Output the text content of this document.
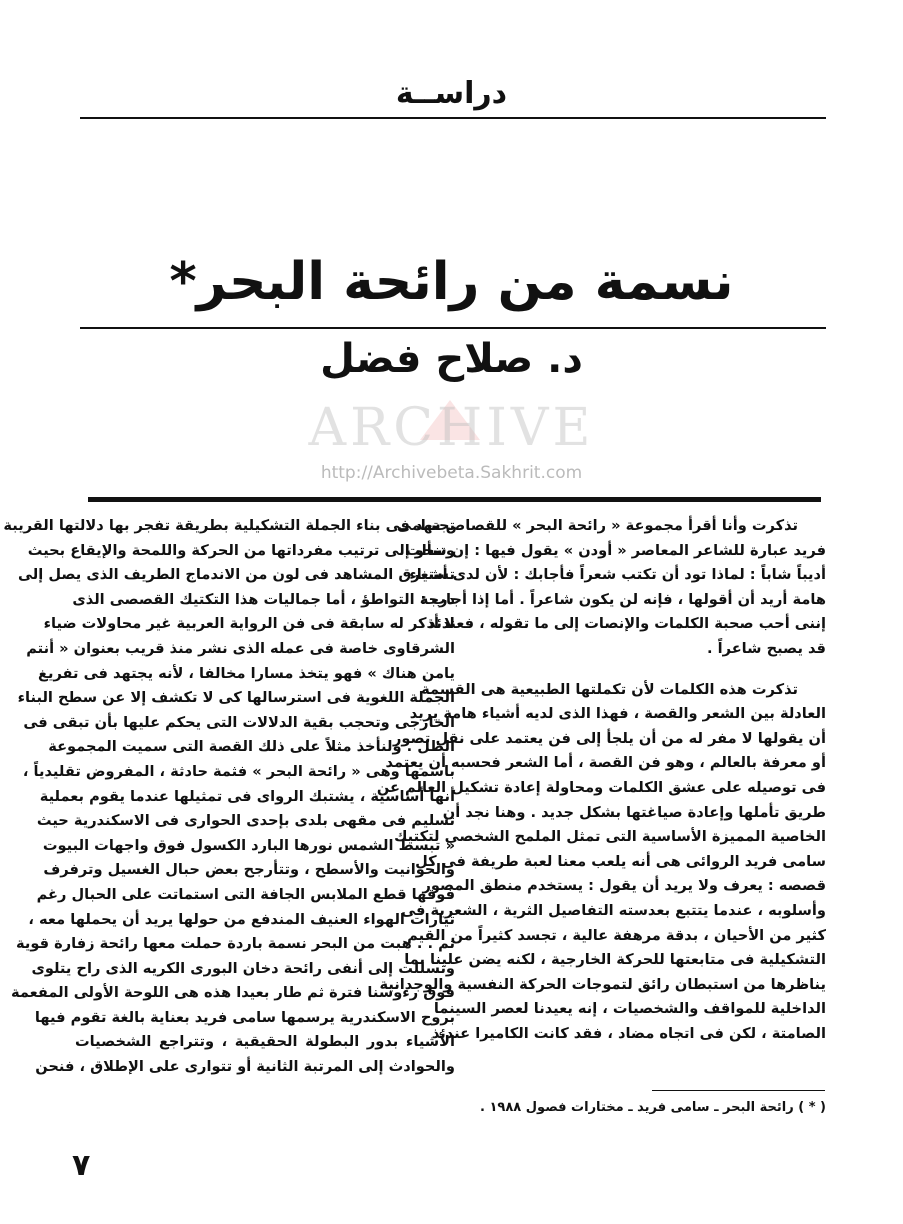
دراســة
نسمة من رائحة البحر*
د. صلاح فضل
ARCHIVE
http://Archivebeta.Sakhrit.com
تذكرت وأنا أقرأ مجموعة « رائحة البحر » للقصاص سامى
فريد عبارة للشاعر المعاصر « أودن » يقول فيها : إن سألت
أديباً شاباً : لماذا تود أن تكتب شعراً فأجابك : لأن لدى أشياء
هامة أريد أن أقولها ، فإنه لن يكون شاعراً . أما إذا أجاب :
إننى أحب صحبة الكلمات والإنصات إلى ما تقوله ، فعندئذ
قد يصبح شاعراً .
تذكرت هذه الكلمات لأن تكملتها الطبيعية هى القسمة
العادلة بين الشعر والقصة ، فهذا الذى لديه أشياء هامة يريد
أن يقولها لا مفر له من أن يلجأ إلى فن يعتمد على نقل تصور
أو معرفة بالعالم ، وهو فن القصة ، أما الشعر فحسبه أن يعتمد
فى توصيله على عشق الكلمات ومحاولة إعادة تشكيل العالم عن
طريق تأملها وإعادة صياغتها بشكل جديد . وهنا نجد أن
الخاصية المميزة الأساسية التى تمثل الملمح الشخصى لتكتيك
سامى فريد الروائى هى أنه يلعب معنا لعبة طريفة فى كل
قصصه : يعرف ولا يريد أن يقول : يستخدم منطق المصور
وأسلوبه ، عندما يتتبع بعدسته التفاصيل الثرية ، الشعرية فى
كثير من الأحيان ، بدقة مرهفة عالية ، تجسد كثيراً من القيم
التشكيلية فى متابعتها للحركة الخارجية ، لكنه يضن علينا بما
يناظرها من استبطان رائق لتموجات الحركة النفسية والوجدانية
الداخلية للمواقف والشخصيات ، إنه يعيدنا لعصر السينما
الصامتة ، لكن فى اتجاه مضاد ، فقد كانت الكاميرا عندئذ
تجتهد فى بناء الجملة التشكيلية بطريقة تفجر بها دلالتها القريبة
وتنحو إلى ترتيب مفرداتها من الحركة واللمحة والإيقاع بحيث
تستغرق المشاهد فى لون من الاندماج الطريف الذى يصل إلى
درجة التواطؤ ، أما جماليات هذا التكتيك القصصى الذى
لا أذكر له سابقة فى فن الرواية العربية غير محاولات ضياء
الشرقاوى خاصة فى عمله الذى نشر منذ قريب بعنوان « أنتم
يامن هناك » فهو يتخذ مسارا مخالفا ، لأنه يجتهد فى تفريغ
الجملة اللغوية فى استرسالها كى لا تكشف إلا عن سطح البناء
الخارجى وتحجب بقية الدلالات التى يحكم عليها بأن تبقى فى
الظل . ولنأخذ مثلاً على ذلك القصة التى سميت المجموعة
باسمها وهى « رائحة البحر » فثمة حادثة ، المفروض تقليدياً ،
أنها أساسية ، يشتبك الرواى فى تمثيلها عندما يقوم بعملية
تسليم فى مقهى بلدى بإحدى الحوارى فى الاسكندرية حيث
« تبسط الشمس نورها البارد الكسول فوق واجهات البيوت
والحوانيت والأسطح ، وتتأرجح بعض حبال الغسيل وترفرف
فوقها قطع الملابس الجافة التى استماتت على الحبال رغم
تيارات الهواء العنيف المندفع من حولها يريد أن يحملها معه ،
ثم . . هبت من البحر نسمة باردة حملت معها رائحة زفارة قوية
وتسللت إلى أنفى رائحة دخان البورى الكريه الذى راح يتلوى
فوق رءوسنا فترة ثم طار بعيدا هذه هى اللوحة الأولى المفعمة
بروح الاسكندرية يرسمها سامى فريد بعناية بالغة تقوم فيها
الأشياء بدور البطولة الحقيقية ، وتتراجع الشخصيات
والحوادث إلى المرتبة الثانية أو تتوارى على الإطلاق ، فنحن
( * ) رائحة البحر ـ سامى فريد ـ مختارات فصول ١٩٨٨ .
٧
